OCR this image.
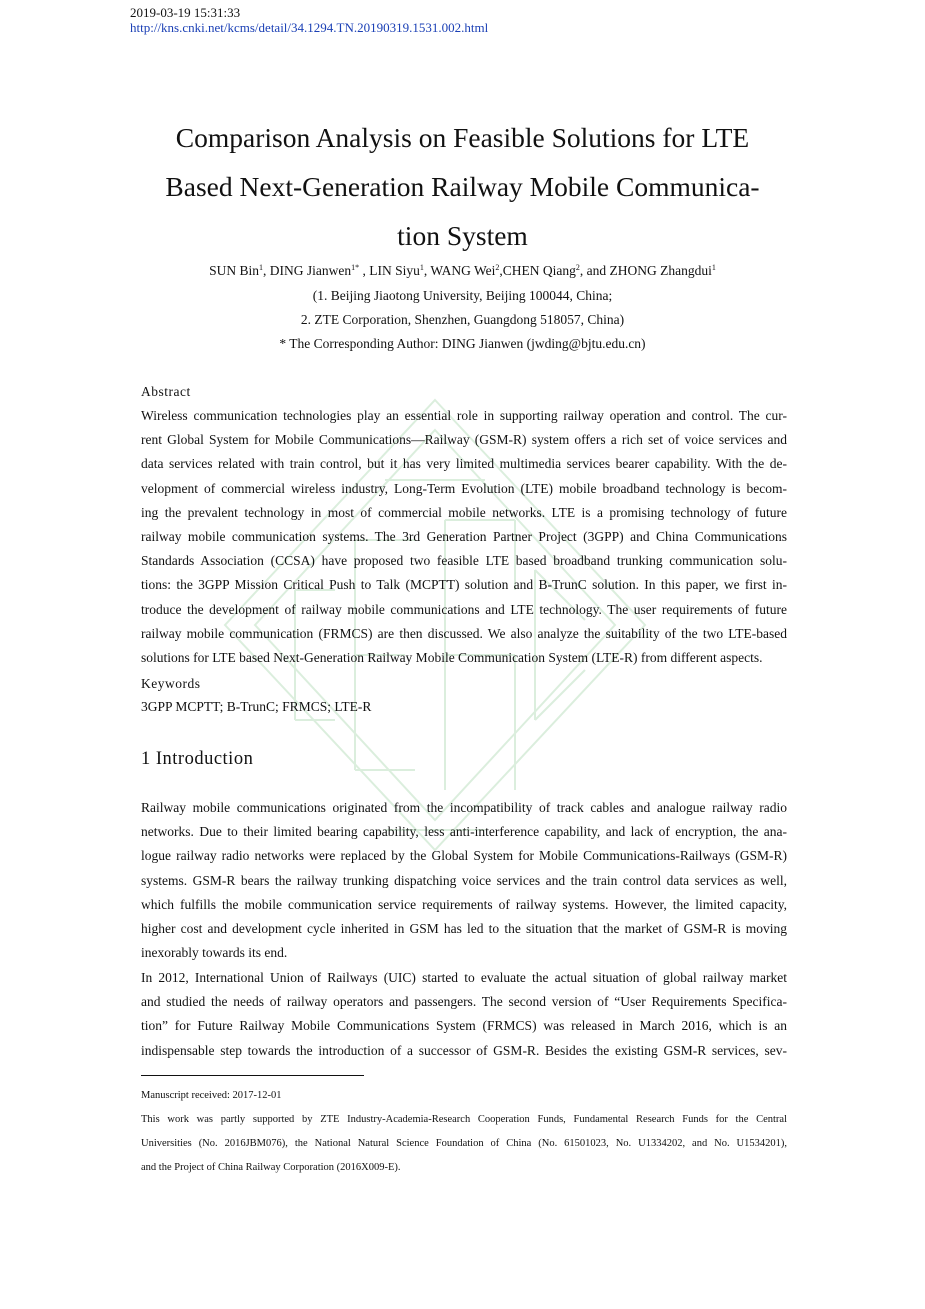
2019-03-19 15:31:33
http://kns.cnki.net/kcms/detail/34.1294.TN.20190319.1531.002.html
Comparison Analysis on Feasible Solutions for LTE
Based Next-Generation Railway Mobile Communica-
tion System
SUN Bin$^1$, DING Jianwen$^{1*}$ , LIN Siyu$^1$, WANG Wei$^2$,CHEN Qiang$^2$, and ZHONG Zhangdui$^1$
(1. Beijing Jiaotong University, Beijing 100044, China;
2. ZTE Corporation, Shenzhen, Guangdong 518057, China)
* The Corresponding Author: DING Jianwen (jwding@bjtu.edu.cn)
Abstract
Wireless communication technologies play an essential role in supporting railway operation and control. The cur-
rent Global System for Mobile Communications—Railway (GSM-R) system offers a rich set of voice services and
data services related with train control, but it has very limited multimedia services bearer capability. With the de-
velopment of commercial wireless industry, Long-Term Evolution (LTE) mobile broadband technology is becom-
ing the prevalent technology in most of commercial mobile networks. LTE is a promising technology of future
railway mobile communication systems. The 3rd Generation Partner Project (3GPP) and China Communications
Standards Association (CCSA) have proposed two feasible LTE based broadband trunking communication solu-
tions: the 3GPP Mission Critical Push to Talk (MCPTT) solution and B-TrunC solution. In this paper, we first in-
troduce the development of railway mobile communications and LTE technology. The user requirements of future
railway mobile communication (FRMCS) are then discussed. We also analyze the suitability of the two LTE-based
solutions for LTE based Next-Generation Railway Mobile Communication System (LTE-R) from different aspects.
Keywords
3GPP MCPTT; B-TrunC; FRMCS; LTE-R
1 Introduction
Railway mobile communications originated from the incompatibility of track cables and analogue railway radio
networks. Due to their limited bearing capability, less anti-interference capability, and lack of encryption, the ana-
logue railway radio networks were replaced by the Global System for Mobile Communications-Railways (GSM-R)
systems. GSM-R bears the railway trunking dispatching voice services and the train control data services as well,
which fulfills the mobile communication service requirements of railway systems. However, the limited capacity,
higher cost and development cycle inherited in GSM has led to the situation that the market of GSM-R is moving
inexorably towards its end.
In 2012, International Union of Railways (UIC) started to evaluate the actual situation of global railway market
and studied the needs of railway operators and passengers. The second version of “User Requirements Specifica-
tion” for Future Railway Mobile Communications System (FRMCS) was released in March 2016, which is an
indispensable step towards the introduction of a successor of GSM-R. Besides the existing GSM-R services, sev-
Manuscript received: 2017-12-01
This work was partly supported by ZTE Industry-Academia-Research Cooperation Funds, Fundamental Research Funds for the Central
Universities (No. 2016JBM076), the National Natural Science Foundation of China (No. 61501023, No. U1334202, and No. U1534201),
and the Project of China Railway Corporation (2016X009-E).
